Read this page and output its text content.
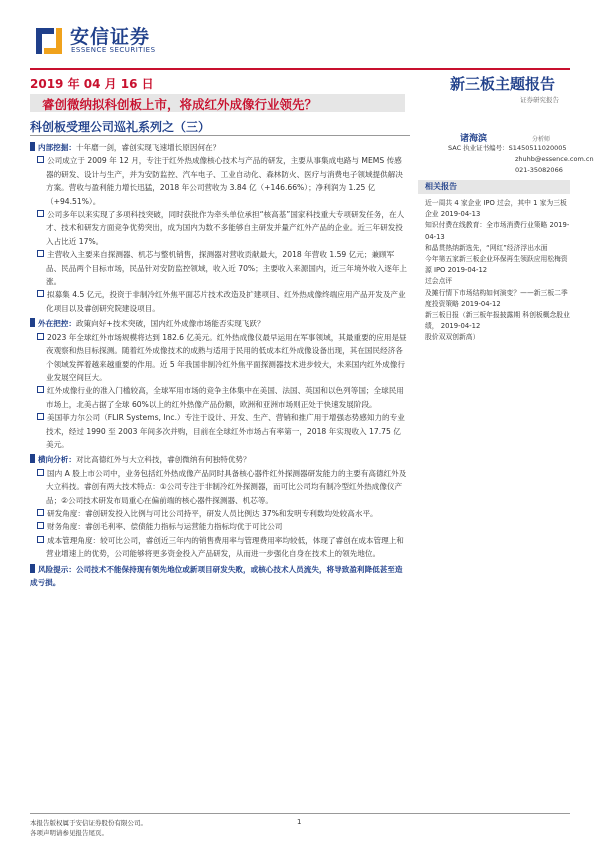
安信证券
ESSENCE SECURITIES
2019 年 04 月 16 日	新三板主题报告
证券研究报告
睿创微纳拟科创板上市，将成红外成像行业领先？
科创板受理公司巡礼系列之（三）
内部挖掘：十年磨一剑，睿创实现飞速增长原因何在？
公司成立于 2009 年 12 月，专注于红外热成像核心技术与产品的研发，主要从事集成电路与 MEMS 传感器的研发、设计与生产，并为安防监控、汽车电子、工业自动化、森林防火、医疗与消费电子领域提供解决方案。营收与盈利能力增长迅猛，2018 年公司营收为 3.84 亿（+146.66%）；净利润为 1.25 亿（+94.51%）。
公司多年以来实现了多项科技突破，同时获批作为牵头单位承担“核高基”国家科技重大专项研发任务，在人才、技术和研发方面竞争优势突出，成为国内为数不多能够自主研发并量产红外产品的企业。近三年研发投入占比近 17%。
主营收入主要来自探测器、机芯与整机销售，探测器对营收贡献最大，2018 年营收 1.59 亿元；兼顾军品、民品两个目标市场，民品针对安防监控领域，收入近 70%；主要收入来源国内，近三年境外收入逐年上涨。
拟募集 4.5 亿元，投资于非制冷红外焦平面芯片技术改造及扩建项目、红外热成像终端应用产品开发及产业化项目以及睿创研究院建设项目。
外在把控：政策向好+技术突破，国内红外成像市场能否实现飞跃？
2023 年全球红外市场规模将达到 182.6 亿美元。红外热成像仪最早运用在军事领域，其最重要的应用是昼夜观察和热目标探测。随着红外成像技术的成熟与适用于民用的低成本红外成像设备出现，其在国民经济各个领域发挥着越来越重要的作用。近 5 年我国非制冷红外焦平面探测器技术进步较大，未来国内红外成像行业发展空间巨大。
红外成像行业的准入门槛较高，全球军用市场的竞争主体集中在美国、法国、英国和以色列等国；全球民用市场上，北美占据了全球 60%以上的红外热像产品份额，欧洲和亚洲市场则正处于快速发展阶段。
美国菲力尔公司（FLIR Systems, Inc.）专注于设计、开发、生产、营销和推广用于增强态势感知力的专业技术，经过 1990 至 2003 年间多次并购，目前在全球红外市场占有率第一，2018 年实现收入 17.75 亿美元。
横向分析：对比高德红外与大立科技，睿创微纳有何独特优势？
国内 A 股上市公司中，业务包括红外热成像产品同时具备核心器件红外探测器研发能力的主要有高德红外及大立科技。睿创有两大技术特点：①公司专注于非制冷红外探测器，而可比公司均有制冷型红外热成像仪产品；②公司技术研发布局重心在偏前端的核心器件探测器、机芯等。
研发角度：睿创研发投入比例与可比公司持平，研发人员比例达 37%和发明专利数均处较高水平。
财务角度：睿创毛利率、偿债能力指标与运营能力指标均优于可比公司
成本管理角度：较可比公司，睿创近三年内的销售费用率与管理费用率均较低，体现了睿创在成本管理上和营业增速上的优势，公司能够将更多资金投入产品研发，从而进一步强化自身在技术上的领先地位。
风险提示：公司技术不能保持现有领先地位或新项目研发失败，或核心技术人员流失，将导致盈利降低甚至造成亏损。
诸海滨	分析师
SAC 执业证书编号：S1450511020005
zhuhb@essence.com.cn
021-35082066
相关报告
近一周共 4 家企业 IPO 过会，其中 1 家为三板企业 2019-04-13
知识付费在线教育：全市场消费行业策略 2019-04-13
和晶贯热纳新选先，“网红”经济浮出水面
今年第五家新三板企业环保再生领跃应用松梅资源 IPO 2019-04-12
过会点评
及摊行情下市场结构如何演变？——新三板二季度投资策略 2019-04-12
新三板日报（新三板年报披露期 科创板概念股业绩， 2019-04-12
股价双双创新高）
本报告版权属于安信证券股份有限公司。
各项声明请参见报告尾页。
1
